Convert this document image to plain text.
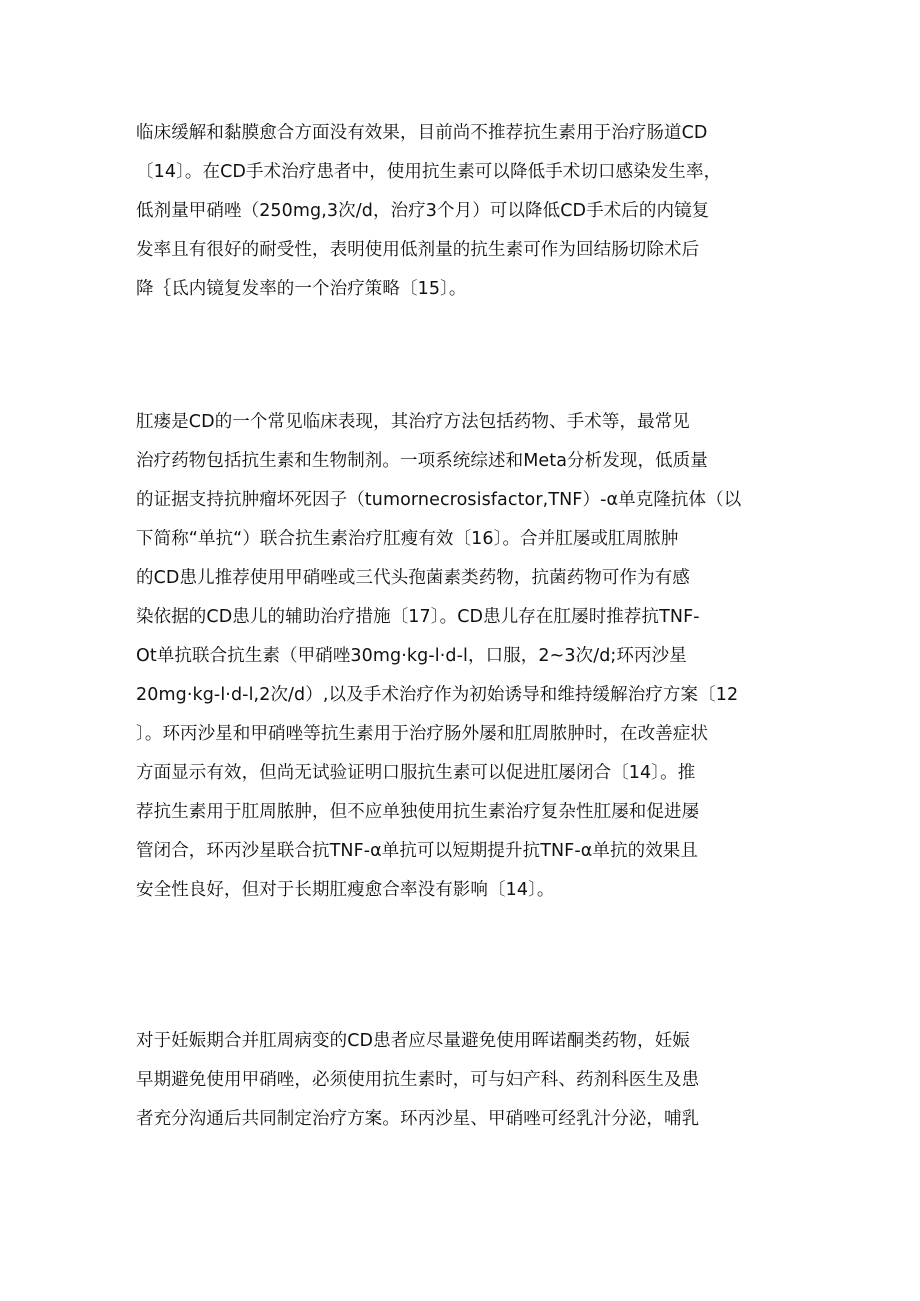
临床缓解和黏膜愈合方面没有效果，目前尚不推荐抗生素用于治疗肠道CD
〔14〕。在CD手术治疗患者中，使用抗生素可以降低手术切口感染发生率，
低剂量甲硝唑（250mg,3次/d，治疗3个月）可以降低CD手术后的内镜复
发率且有很好的耐受性，表明使用低剂量的抗生素可作为回结肠切除术后
降｛氐内镜复发率的一个治疗策略〔15〕。
肛瘘是CD的一个常见临床表现，其治疗方法包括药物、手术等，最常见
治疗药物包括抗生素和生物制剂。一项系统综述和Meta分析发现，低质量
的证据支持抗肿瘤坏死因子（tumornecrosisfactor,TNF）-α单克隆抗体（以
下简称“单抗“）联合抗生素治疗肛瘦有效〔16〕。合并肛屡或肛周脓肿
的CD患儿推荐使用甲硝唑或三代头孢菌素类药物，抗菌药物可作为有感
染依据的CD患儿的辅助治疗措施〔17〕。CD患儿存在肛屡时推荐抗TNF-
Ot单抗联合抗生素（甲硝唑30mg·kg-l·d-l，口服，2~3次/d;环丙沙星
20mg·kg-l·d-l,2次/d）,以及手术治疗作为初始诱导和维持缓解治疗方案〔12
〕。环丙沙星和甲硝唑等抗生素用于治疗肠外屡和肛周脓肿时，在改善症状
方面显示有效，但尚无试验证明口服抗生素可以促进肛屡闭合〔14〕。推
荐抗生素用于肛周脓肿，但不应单独使用抗生素治疗复杂性肛屡和促进屡
管闭合，环丙沙星联合抗TNF-α单抗可以短期提升抗TNF-α单抗的效果且
安全性良好，但对于长期肛瘦愈合率没有影响〔14〕。
对于妊娠期合并肛周病变的CD患者应尽量避免使用晖诺酮类药物，妊娠
早期避免使用甲硝唑，必须使用抗生素时，可与妇产科、药剂科医生及患
者充分沟通后共同制定治疗方案。环丙沙星、甲硝唑可经乳汁分泌，哺乳
